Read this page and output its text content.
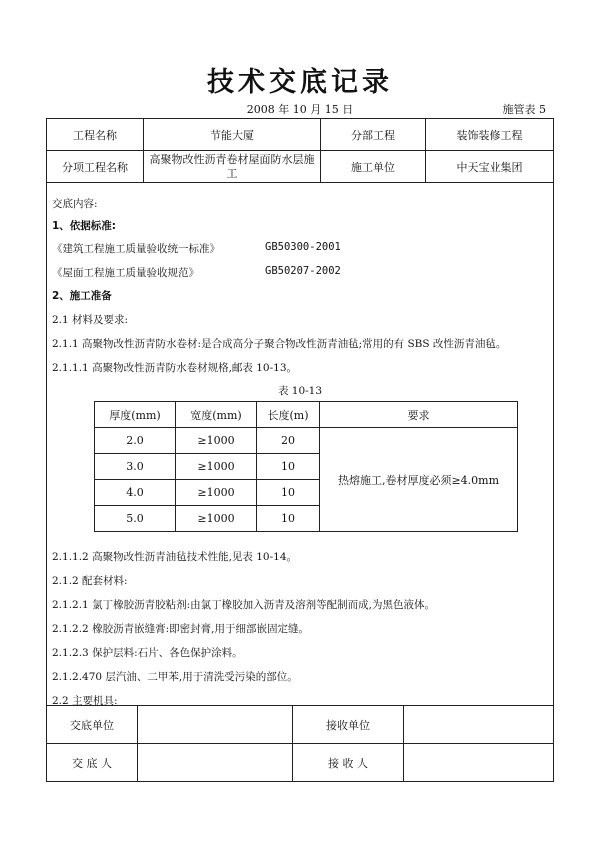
技术交底记录
2008 年 10 月 15 日	施管表 5
工程名称	节能大厦	分部工程	装饰装修工程
分项工程名称	高聚物改性沥青卷材屋面防水层施工	施工单位	中天宝业集团
交底内容:
1、依据标准:
《建筑工程施工质量验收统一标准》	GB50300-2001
《屋面工程施工质量验收规范》	GB50207-2002
2、施工准备
2.1 材料及要求:
2.1.1 高聚物改性沥青防水卷材:是合成高分子聚合物改性沥青油毡;常用的有 SBS 改性沥青油毡。
2.1.1.1 高聚物改性沥青防水卷材规格,邮表 10-13。
表 10-13
2.1.1.2 高聚物改性沥青油毡技术性能,见表 10-14。
2.1.2 配套材料:
2.1.2.1 氯丁橡胶沥青胶粘剂:由氯丁橡胶加入沥青及溶剂等配制而成,为黑色液体。
2.1.2.2 橡胶沥青嵌缝膏:即密封膏,用于细部嵌固定缝。
2.1.2.3 保护层料:石片、各色保护涂料。
2.1.2.470 层汽油、二甲苯,用于清洗受污染的部位。
2.2 主要机具:
厚度(mm)	宽度(mm)	长度(m)	要求
2.0	≥1000	20	热熔施工,卷材厚度必须≥4.0mm
3.0	≥1000	10	
4.0	≥1000	10	
5.0	≥1000	10	
交底单位		接收单位	
交 底 人		接 收 人	
